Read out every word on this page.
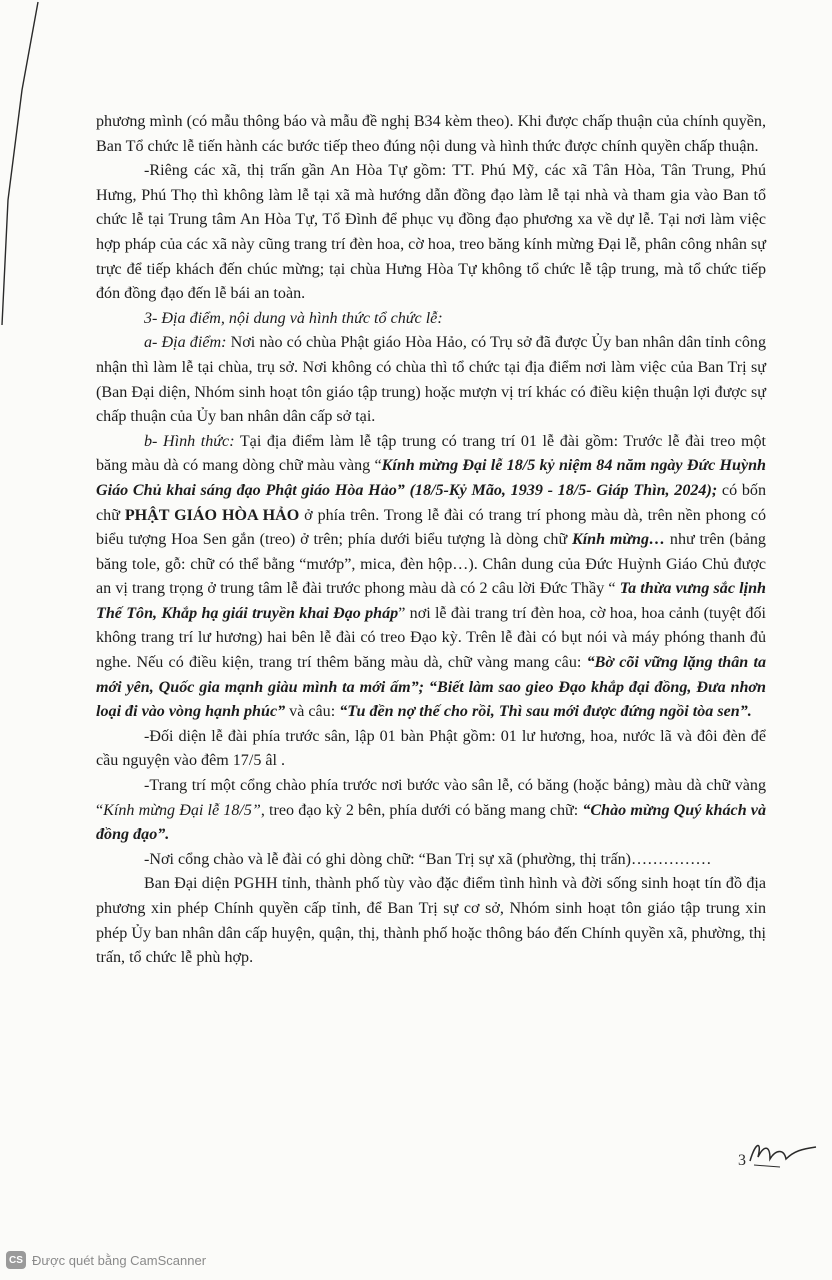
phương mình (có mẫu thông báo và mẫu đề nghị B34 kèm theo). Khi được chấp thuận của chính quyền, Ban Tổ chức lễ tiến hành các bước tiếp theo đúng nội dung và hình thức được chính quyền chấp thuận.

-Riêng các xã, thị trấn gần An Hòa Tự gồm: TT. Phú Mỹ, các xã Tân Hòa, Tân Trung, Phú Hưng, Phú Thọ thì không làm lễ tại xã mà hướng dẫn đồng đạo làm lễ tại nhà và tham gia vào Ban tổ chức lễ tại Trung tâm An Hòa Tự, Tổ Đình để phục vụ đồng đạo phương xa về dự lễ. Tại nơi làm việc hợp pháp của các xã này cũng trang trí đèn hoa, cờ hoa, treo băng kính mừng Đại lễ, phân công nhân sự trực để tiếp khách đến chúc mừng; tại chùa Hưng Hòa Tự không tổ chức lễ tập trung, mà tổ chức tiếp đón đồng đạo đến lễ bái an toàn.

3- Địa điểm, nội dung và hình thức tổ chức lễ:

a- Địa điểm: Nơi nào có chùa Phật giáo Hòa Hảo, có Trụ sở đã được Ủy ban nhân dân tỉnh công nhận thì làm lễ tại chùa, trụ sở. Nơi không có chùa thì tổ chức tại địa điểm nơi làm việc của Ban Trị sự (Ban Đại diện, Nhóm sinh hoạt tôn giáo tập trung) hoặc mượn vị trí khác có điều kiện thuận lợi được sự chấp thuận của Ủy ban nhân dân cấp sở tại.

b- Hình thức: Tại địa điểm làm lễ tập trung có trang trí 01 lễ đài gồm: Trước lễ đài treo một băng màu dà có mang dòng chữ màu vàng “Kính mừng Đại lễ 18/5 kỷ niệm 84 năm ngày Đức Huỳnh Giáo Chủ khai sáng đạo Phật giáo Hòa Hảo” (18/5-Kỷ Mão, 1939 - 18/5- Giáp Thìn, 2024); có bốn chữ PHẬT GIÁO HÒA HẢO ở phía trên. Trong lễ đài có trang trí phong màu dà, trên nền phong có biểu tượng Hoa Sen gắn (treo) ở trên; phía dưới biểu tượng là dòng chữ Kính mừng… như trên (bảng băng tole, gỗ: chữ có thể bằng “mướp”, mica, đèn hộp…). Chân dung của Đức Huỳnh Giáo Chủ được an vị trang trọng ở trung tâm lễ đài trước phong màu dà có 2 câu lời Đức Thầy “ Ta thừa vưng sắc lịnh Thế Tôn, Khắp hạ giái truyền khai Đạo pháp” nơi lễ đài trang trí đèn hoa, cờ hoa, hoa cảnh (tuyệt đối không trang trí lư hương) hai bên lễ đài có treo Đạo kỳ. Trên lễ đài có bụt nói và máy phóng thanh đủ nghe. Nếu có điều kiện, trang trí thêm băng màu dà, chữ vàng mang câu: “Bờ cõi vững lặng thân ta mới yên, Quốc gia mạnh giàu mình ta mới ấm”; “Biết làm sao gieo Đạo khắp đại đồng, Đưa nhơn loại đi vào vòng hạnh phúc” và câu: “Tu đền nợ thế cho rồi, Thì sau mới được đứng ngồi tòa sen”.

-Đối diện lễ đài phía trước sân, lập 01 bàn Phật gồm: 01 lư hương, hoa, nước lã và đôi đèn để cầu nguyện vào đêm 17/5 âl .

-Trang trí một cổng chào phía trước nơi bước vào sân lễ, có băng (hoặc bảng) màu dà chữ vàng “Kính mừng Đại lễ 18/5”, treo đạo kỳ 2 bên, phía dưới có băng mang chữ: “Chào mừng Quý khách và đồng đạo”.

-Nơi cổng chào và lễ đài có ghi dòng chữ: “Ban Trị sự xã (phường, thị trấn)……………

Ban Đại diện PGHH tỉnh, thành phố tùy vào đặc điểm tình hình và đời sống sinh hoạt tín đồ địa phương xin phép Chính quyền cấp tỉnh, để Ban Trị sự cơ sở, Nhóm sinh hoạt tôn giáo tập trung xin phép Ủy ban nhân dân cấp huyện, quận, thị, thành phố hoặc thông báo đến Chính quyền xã, phường, thị trấn, tổ chức lễ phù hợp.

3
CS Được quét bằng CamScanner
